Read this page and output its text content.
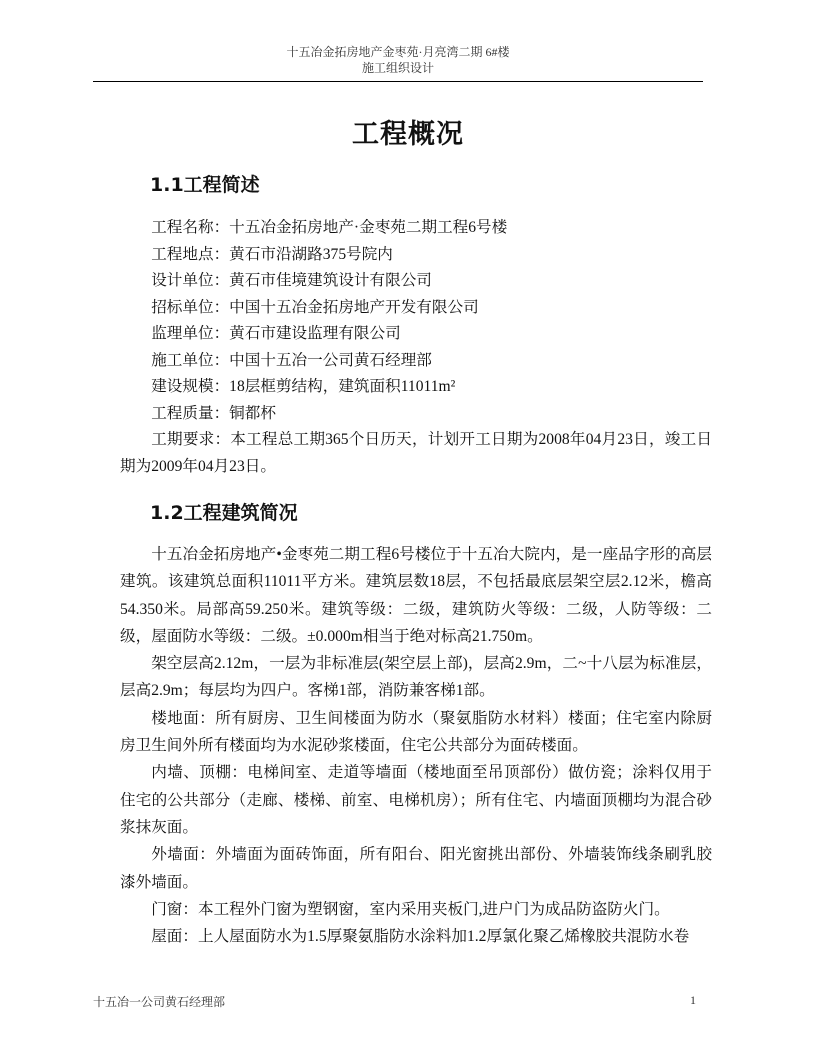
十五冶金拓房地产金枣苑·月亮湾二期 6#楼
施工组织设计
工程概况
1.1工程简述

工程名称：十五冶金拓房地产·金枣苑二期工程6号楼

工程地点：黄石市沿湖路375号院内

设计单位：黄石市佳境建筑设计有限公司

招标单位：中国十五冶金拓房地产开发有限公司

监理单位：黄石市建设监理有限公司

施工单位：中国十五冶一公司黄石经理部

建设规模：18层框剪结构，建筑面积11011m²

工程质量：铜都杯

工期要求：本工程总工期365个日历天，计划开工日期为2008年04月23日，竣工日期为2009年04月23日。

1.2工程建筑简况

十五冶金拓房地产•金枣苑二期工程6号楼位于十五冶大院内，是一座品字形的高层建筑。该建筑总面积11011平方米。建筑层数18层，不包括最底层架空层2.12米，檐高54.350米。局部高59.250米。建筑等级：二级，建筑防火等级：二级，人防等级：二级，屋面防水等级：二级。±0.000m相当于绝对标高21.750m。

架空层高2.12m，一层为非标准层(架空层上部)，层高2.9m，二~十八层为标准层，层高2.9m；每层均为四户。客梯1部，消防兼客梯1部。

楼地面：所有厨房、卫生间楼面为防水（聚氨脂防水材料）楼面；住宅室内除厨房卫生间外所有楼面均为水泥砂浆楼面，住宅公共部分为面砖楼面。

内墙、顶棚：电梯间室、走道等墙面（楼地面至吊顶部份）做仿瓷；涂料仅用于住宅的公共部分（走廊、楼梯、前室、电梯机房）；所有住宅、内墙面顶棚均为混合砂浆抹灰面。

外墙面：外墙面为面砖饰面，所有阳台、阳光窗挑出部份、外墙装饰线条刷乳胶漆外墙面。

门窗：本工程外门窗为塑钢窗，室内采用夹板门,进户门为成品防盗防火门。

屋面：上人屋面防水为1.5厚聚氨脂防水涂料加1.2厚氯化聚乙烯橡胶共混防水卷

十五冶一公司黄石经理部	1
